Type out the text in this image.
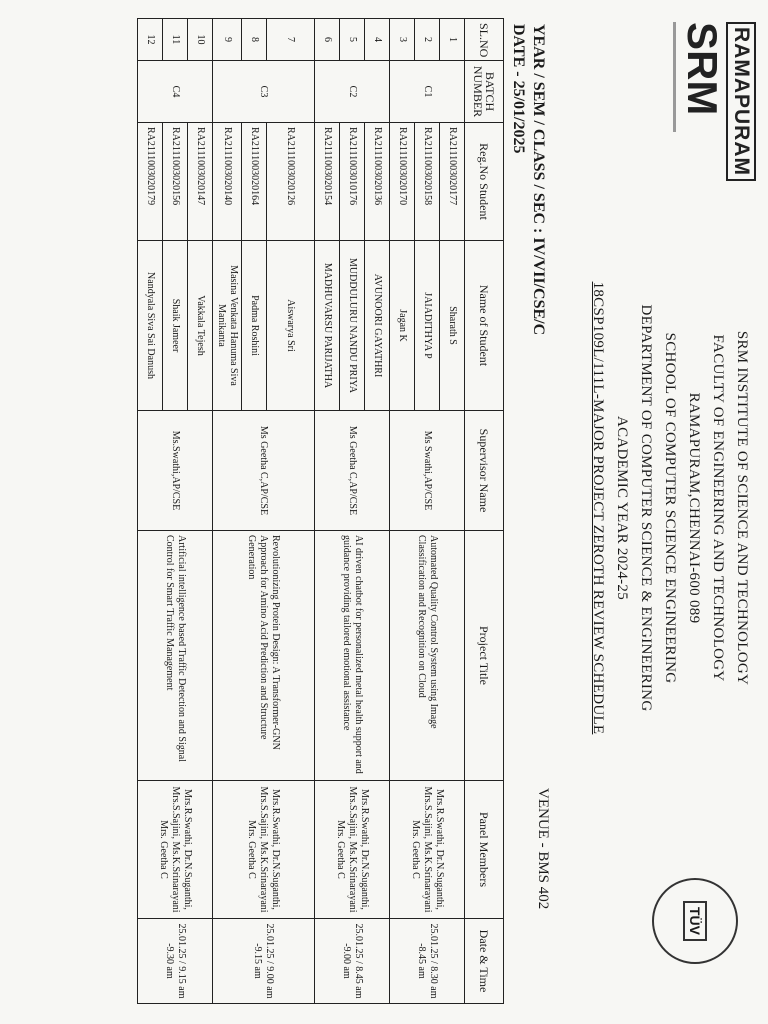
RAMAPURAM
SRM
TÜV
SRM INSTITUTE OF SCIENCE AND TECHNOLOGY
FACULTY OF ENGINEERING AND TECHNOLOGY
RAMAPURAM,CHENNAI-600 089
SCHOOL OF COMPUTER SCIENCE ENGINEERING
DEPARTMENT OF COMPUTER SCIENCE & ENGINEERING
ACADEMIC YEAR 2024-25
18CSP109L/111L-MAJOR PROJECT ZEROTH REVIEW SCHEDULE
VENUE - BMS 402
YEAR / SEM / CLASS / SEC : IV/VII/CSE/C
DATE - 25/01/2025
SL.NO	BATCH NUMBER	Reg.No Student	Name of Student	Supervisor Name	Project Title	Panel Members	Date & Time
1	C1	RA2111003020177	Sharath S	Ms Swathi,AP/CSE	Automated Quality Control System using Image Classification and Recognition on Cloud	Mrs.R.Swathi, Dr.N.Suganthi, Mrs.S.Sajini, Ms.K.Srinarayani Mrs. Geetha C	25.01.25 / 8.30 am -8.45 am
2		RA2111003020158	JAIADITHYA P				
3		RA2111003020170	Jagan K				
4	C2	RA2111003020136	AVUNOORI GAYATHRI	Ms Geetha C,AP/CSE	AI driven chatbot for personalized metal health support and guidance providing tailored emotional assistance	Mrs.R.Swathi, Dr.N.Suganthi, Mrs.S.Sajini, Ms.K.Srinarayani Mrs. Geetha C	25.01.25 / 8.45 am -9.00 am
5		RA2111003010176	MUDDULURU NANDU PRIYA				
6		RA2111003020154	MADHUVARSU PARIJATHA				
7	C3	RA2111003020126	Aiswarya Sri	Ms Geetha C,AP/CSE	Revolutionizing Protein Design: A Transformer-GNN Approach for Amino Acid Prediction and Structure Generation	Mrs.R.Swathi, Dr.N.Suganthi, Mrs.S.Sajini, Ms.K.Srinarayani Mrs. Geetha C	25.01.25 / 9.00 am -9.15 am
8		RA2111003020164	Padma Roshini				
9		RA2111003020140	Masina Venkata Hanuma Siva Manikanta				
10	C4	RA2111003020147	Vakkala Tejesh	Ms.Swathi,AP/CSE	Artificial intelligence based Traffic Detection and Signal Control for Smart Traffic Management	Mrs.R.Swathi, Dr.N.Suganthi, Mrs.S.Sajini, Ms.K.Srinarayani Mrs. Geetha C	25.01.25 / 9.15 am -9.30 am
11		RA2111003020156	Shaik Jameer				
12		RA2111003020179	Nandyala Siva Sai Danush				
